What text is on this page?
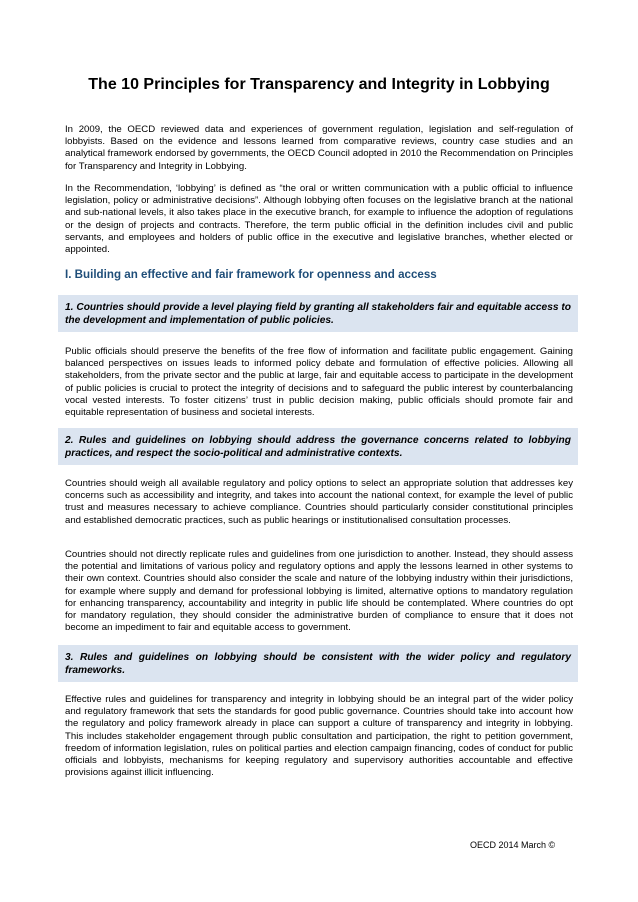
The 10 Principles for Transparency and Integrity in Lobbying

In 2009, the OECD reviewed data and experiences of government regulation, legislation and self-regulation of lobbyists. Based on the evidence and lessons learned from comparative reviews, country case studies and an analytical framework endorsed by governments, the OECD Council adopted in 2010 the Recommendation on Principles for Transparency and Integrity in Lobbying.

In the Recommendation, ‘lobbying’ is defined as “the oral or written communication with a public official to influence legislation, policy or administrative decisions”. Although lobbying often focuses on the legislative branch at the national and sub-national levels, it also takes place in the executive branch, for example to influence the adoption of regulations or the design of projects and contracts. Therefore, the term public official in the definition includes civil and public servants, and employees and holders of public office in the executive and legislative branches, whether elected or appointed.

I. Building an effective and fair framework for openness and access

1. Countries should provide a level playing field by granting all stakeholders fair and equitable access to the development and implementation of public policies.

Public officials should preserve the benefits of the free flow of information and facilitate public engagement. Gaining balanced perspectives on issues leads to informed policy debate and formulation of effective policies. Allowing all stakeholders, from the private sector and the public at large, fair and equitable access to participate in the development of public policies is crucial to protect the integrity of decisions and to safeguard the public interest by counterbalancing vocal vested interests. To foster citizens’ trust in public decision making, public officials should promote fair and equitable representation of business and societal interests.

2. Rules and guidelines on lobbying should address the governance concerns related to lobbying practices, and respect the socio-political and administrative contexts.

Countries should weigh all available regulatory and policy options to select an appropriate solution that addresses key concerns such as accessibility and integrity, and takes into account the national context, for example the level of public trust and measures necessary to achieve compliance. Countries should particularly consider constitutional principles and established democratic practices, such as public hearings or institutionalised consultation processes.

Countries should not directly replicate rules and guidelines from one jurisdiction to another. Instead, they should assess the potential and limitations of various policy and regulatory options and apply the lessons learned in other systems to their own context. Countries should also consider the scale and nature of the lobbying industry within their jurisdictions, for example where supply and demand for professional lobbying is limited, alternative options to mandatory regulation for enhancing transparency, accountability and integrity in public life should be contemplated. Where countries do opt for mandatory regulation, they should consider the administrative burden of compliance to ensure that it does not become an impediment to fair and equitable access to government.

3. Rules and guidelines on lobbying should be consistent with the wider policy and regulatory frameworks.

Effective rules and guidelines for transparency and integrity in lobbying should be an integral part of the wider policy and regulatory framework that sets the standards for good public governance. Countries should take into account how the regulatory and policy framework already in place can support a culture of transparency and integrity in lobbying. This includes stakeholder engagement through public consultation and participation, the right to petition government, freedom of information legislation, rules on political parties and election campaign financing, codes of conduct for public officials and lobbyists, mechanisms for keeping regulatory and supervisory authorities accountable and effective provisions against illicit influencing.

OECD 2014 March ©
